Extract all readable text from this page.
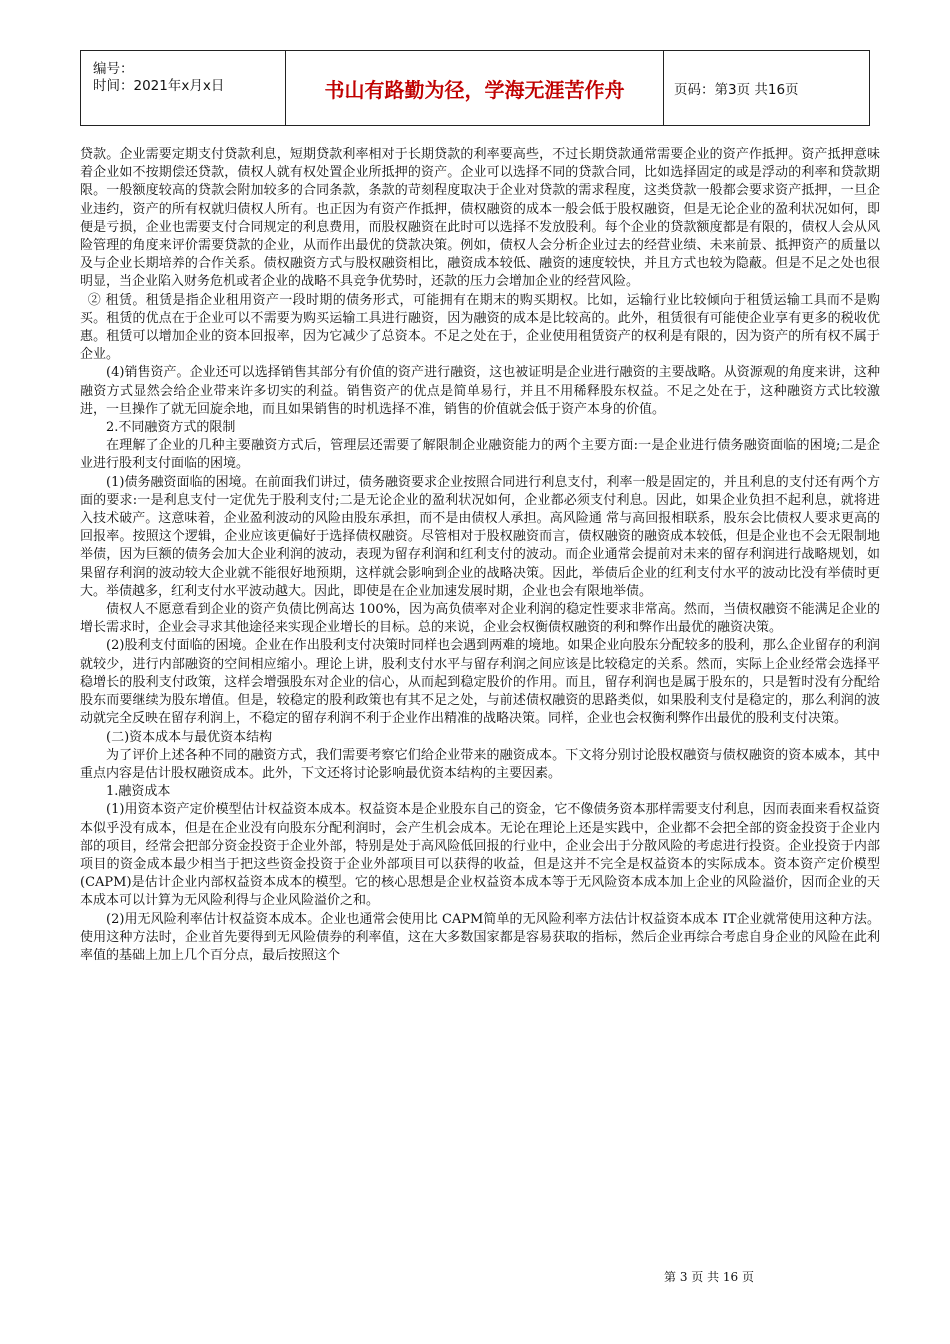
编号：
时间：2021年x月x日	书山有路勤为径，学海无涯苦作舟	页码：第3页 共16页

贷款。企业需要定期支付贷款利息，短期贷款利率相对于长期贷款的利率要高些，不过长期贷款通常需要企业的资产作抵押。资产抵押意味着企业如不按期偿还贷款，债权人就有权处置企业所抵押的资产。企业可以选择不同的贷款合同，比如选择固定的或是浮动的利率和贷款期限。一般额度较高的贷款会附加较多的合同条款，条款的苛刻程度取决于企业对贷款的需求程度，这类贷款一般都会要求资产抵押，一旦企业违约，资产的所有权就归债权人所有。也正因为有资产作抵押，债权融资的成本一般会低于股权融资，但是无论企业的盈利状况如何，即便是亏损，企业也需要支付合同规定的利息费用，而股权融资在此时可以选择不发放股利。每个企业的贷款额度都是有限的，债权人会从风险管理的角度来评价需要贷款的企业，从而作出最优的贷款决策。例如，债权人会分析企业过去的经营业绩、未来前景、抵押资产的质量以及与企业长期培养的合作关系。债权融资方式与股权融资相比，融资成本较低、融资的速度较快，并且方式也较为隐蔽。但是不足之处也很明显，当企业陷入财务危机或者企业的战略不具竞争优势时，还款的压力会增加企业的经营风险。

② 租赁。租赁是指企业租用资产一段时期的债务形式，可能拥有在期末的购买期权。比如，运输行业比较倾向于租赁运输工具而不是购买。租赁的优点在于企业可以不需要为购买运输工具进行融资，因为融资的成本是比较高的。此外，租赁很有可能使企业享有更多的税收优惠。租赁可以增加企业的资本回报率，因为它减少了总资本。不足之处在于，企业使用租赁资产的权利是有限的，因为资产的所有权不属于企业。

(4)销售资产。企业还可以选择销售其部分有价值的资产进行融资，这也被证明是企业进行融资的主要战略。从资源观的角度来讲，这种融资方式显然会给企业带来许多切实的利益。销售资产的优点是简单易行，并且不用稀释股东权益。不足之处在于，这种融资方式比较激进，一旦操作了就无回旋余地，而且如果销售的时机选择不准，销售的价值就会低于资产本身的价值。

2.不同融资方式的限制

在理解了企业的几种主要融资方式后，管理层还需要了解限制企业融资能力的两个主要方面:一是企业进行债务融资面临的困境;二是企业进行股利支付面临的困境。

(1)债务融资面临的困境。在前面我们讲过，债务融资要求企业按照合同进行利息支付，利率一般是固定的，并且利息的支付还有两个方面的要求:一是利息支付一定优先于股利支付;二是无论企业的盈利状况如何，企业都必须支付利息。因此，如果企业负担不起利息，就将进入技术破产。这意味着，企业盈利波动的风险由股东承担，而不是由债权人承担。高风险通 常与高回报相联系，股东会比债权人要求更高的回报率。按照这个逻辑，企业应该更偏好于选择债权融资。尽管相对于股权融资而言，债权融资的融资成本较低，但是企业也不会无限制地举债，因为巨额的债务会加大企业利润的波动，表现为留存利润和红利支付的波动。而企业通常会提前对未来的留存利润进行战略规划，如果留存利润的波动较大企业就不能很好地预期，这样就会影响到企业的战略决策。因此，举债后企业的红利支付水平的波动比没有举债时更大。举债越多，红利支付水平波动越大。因此，即使是在企业加速发展时期，企业也会有限地举债。

债权人不愿意看到企业的资产负债比例高达 100%，因为高负债率对企业利润的稳定性要求非常高。然而，当债权融资不能满足企业的增长需求时，企业会寻求其他途径来实现企业增长的目标。总的来说，企业会权衡债权融资的利和弊作出最优的融资决策。

(2)股利支付面临的困境。企业在作出股利支付决策时同样也会遇到两难的境地。如果企业向股东分配较多的股利，那么企业留存的利润就较少，进行内部融资的空间相应缩小。理论上讲，股利支付水平与留存利润之间应该是比较稳定的关系。然而，实际上企业经常会选择平稳增长的股利支付政策，这样会增强股东对企业的信心，从而起到稳定股价的作用。而且，留存利润也是属于股东的，只是暂时没有分配给股东而要继续为股东增值。但是，较稳定的股利政策也有其不足之处，与前述债权融资的思路类似，如果股利支付是稳定的，那么利润的波动就完全反映在留存利润上，不稳定的留存利润不利于企业作出精准的战略决策。同样，企业也会权衡利弊作出最优的股利支付决策。

(二)资本成本与最优资本结构

为了评价上述各种不同的融资方式，我们需要考察它们给企业带来的融资成本。下文将分别讨论股权融资与债权融资的资本威本，其中重点内容是估计股权融资成本。此外，下文还将讨论影响最优资本结构的主要因素。

1.融资成本

(1)用资本资产定价模型估计权益资本成本。权益资本是企业股东自己的资金，它不像债务资本那样需要支付利息，因而表面来看权益资本似乎没有成本，但是在企业没有向股东分配利润时，会产生机会成本。无论在理论上还是实践中，企业都不会把全部的资金投资于企业内部的项目，经常会把部分资金投资于企业外部，特别是处于高风险低回报的行业中，企业会出于分散风险的考虑进行投资。企业投资于内部项目的资金成本最少相当于把这些资金投资于企业外部项目可以获得的收益，但是这并不完全是权益资本的实际成本。资本资产定价模型 (CAPM)是估计企业内部权益资本成本的模型。它的核心思想是企业权益资本成本等于无风险资本成本加上企业的风险溢价，因而企业的天本成本可以计算为无风险利得与企业风险溢价之和。

(2)用无风险利率估计权益资本成本。企业也通常会使用比 CAPM简单的无风险利率方法估计权益资本成本 IT企业就常使用这种方法。使用这种方法时，企业首先要得到无风险债券的利率值，这在大多数国家都是容易获取的指标，然后企业再综合考虑自身企业的风险在此利率值的基础上加上几个百分点，最后按照这个

第 3 页 共 16 页
